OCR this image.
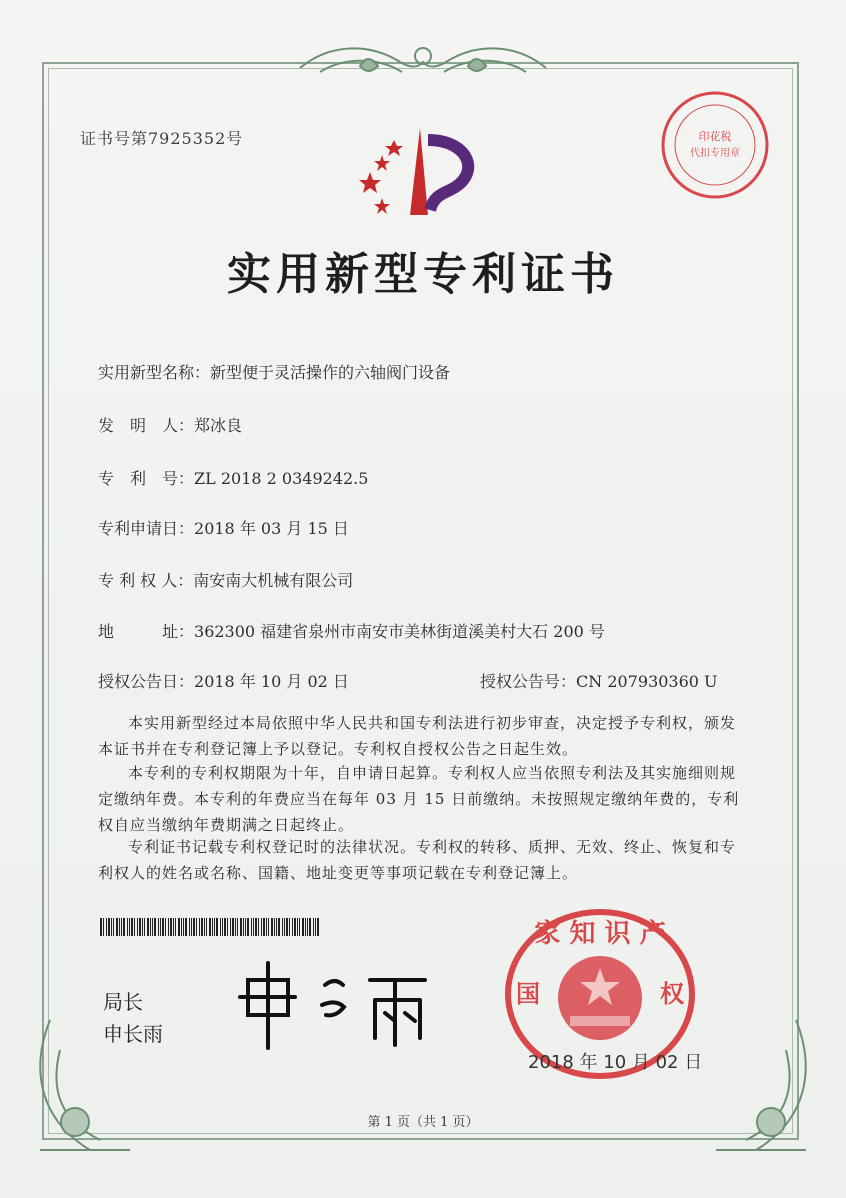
证书号第7925352号	印花税
代扣专用章
实用新型专利证书
实用新型名称：新型便于灵活操作的六轴阀门设备
发　明　人：郑冰良
专　利　号：ZL 2018 2 0349242.5
专利申请日：2018 年 03 月 15 日
专 利 权 人：南安南大机械有限公司
地　　　址：362300 福建省泉州市南安市美林街道溪美村大石 200 号
授权公告日：2018 年 10 月 02 日	授权公告号：CN 207930360 U
本实用新型经过本局依照中华人民共和国专利法进行初步审查，决定授予专利权，颁发本证书并在专利登记簿上予以登记。专利权自授权公告之日起生效。
本专利的专利权期限为十年，自申请日起算。专利权人应当依照专利法及其实施细则规定缴纳年费。本专利的年费应当在每年 03 月 15 日前缴纳。未按照规定缴纳年费的，专利权自应当缴纳年费期满之日起终止。
专利证书记载专利权登记时的法律状况。专利权的转移、质押、无效、终止、恢复和专利权人的姓名或名称、国籍、地址变更等事项记载在专利登记簿上。
局长
申长雨
家 知 识 产
国	权
2018 年 10 月 02 日
第 1 页（共 1 页）
